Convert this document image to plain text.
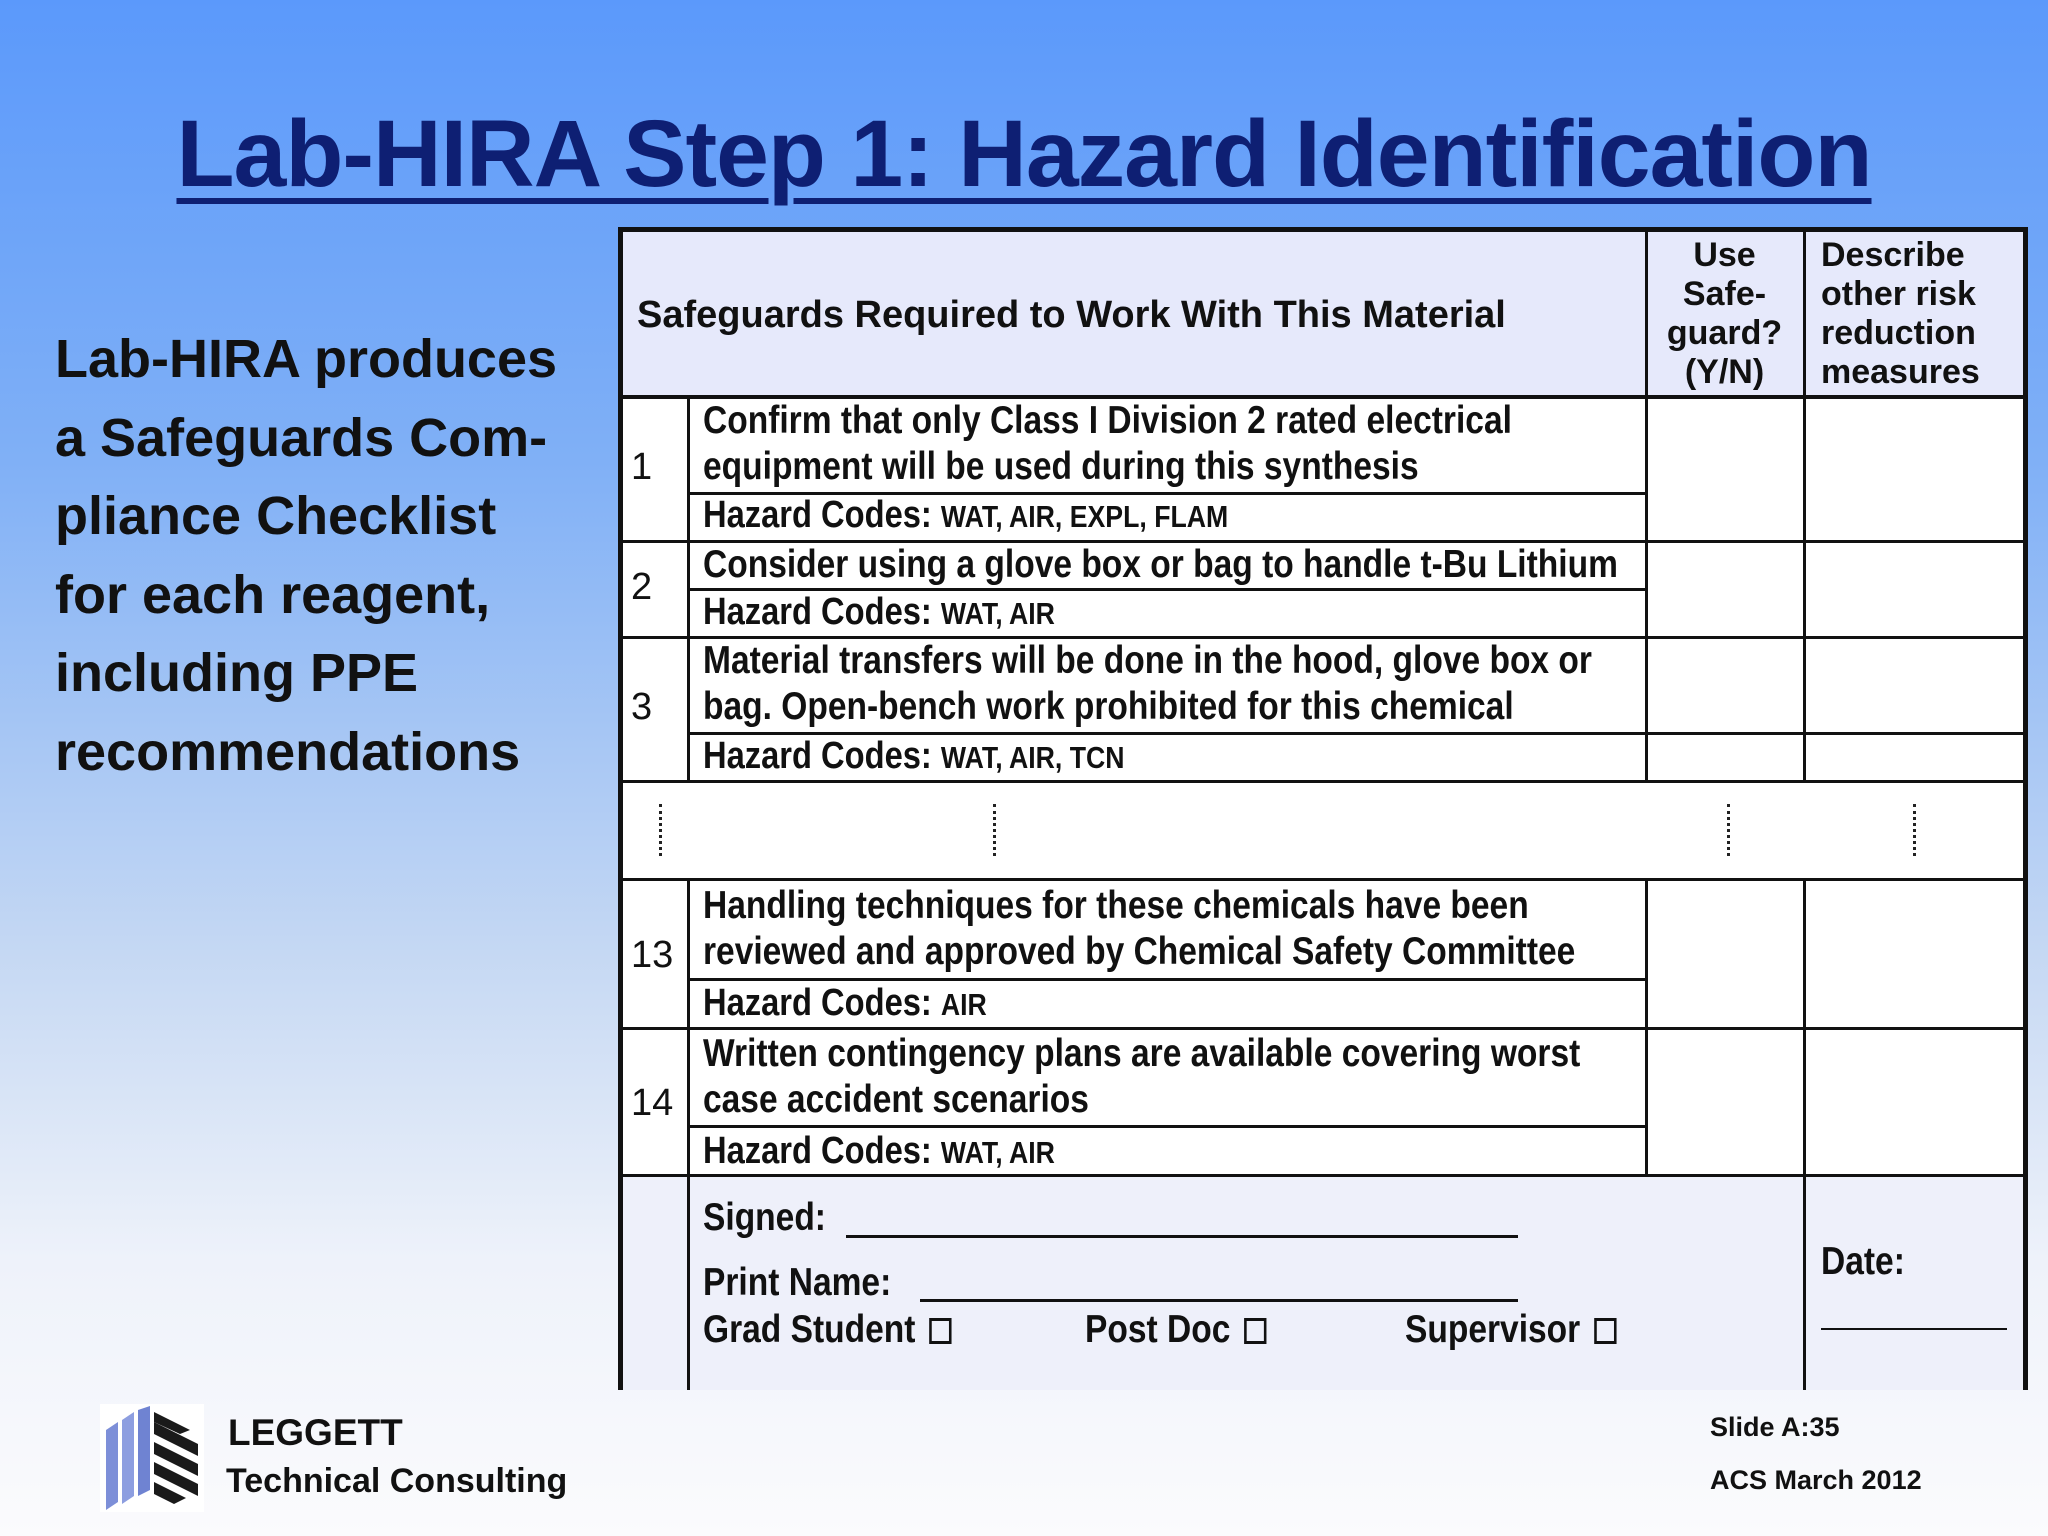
Lab-HIRA Step 1: Hazard Identification
Lab-HIRA produces
a Safeguards Com-
pliance Checklist
for each reagent,
including PPE
recommendations
Safeguards Required to Work With This Material
Use
Safe-
guard?
(Y/N)
Describe
other risk
reduction
measures
1
Confirm that only Class I Division 2 rated electrical
equipment will be used during this synthesis
Hazard Codes: WAT, AIR, EXPL, FLAM
2
Consider using a glove box or bag to handle t-Bu Lithium
Hazard Codes: WAT, AIR
3
Material transfers will be done in the hood, glove box or
bag. Open-bench work prohibited for this chemical
Hazard Codes: WAT, AIR, TCN
13
Handling techniques for these chemicals have been
reviewed and approved by Chemical Safety Committee
Hazard Codes: AIR
14
Written contingency plans are available covering worst
case accident scenarios
Hazard Codes: WAT, AIR
Signed:
Print Name:
Grad Student	Post Doc	Supervisor
Date:
LEGGETT
Technical Consulting
Slide A:35
ACS March 2012
